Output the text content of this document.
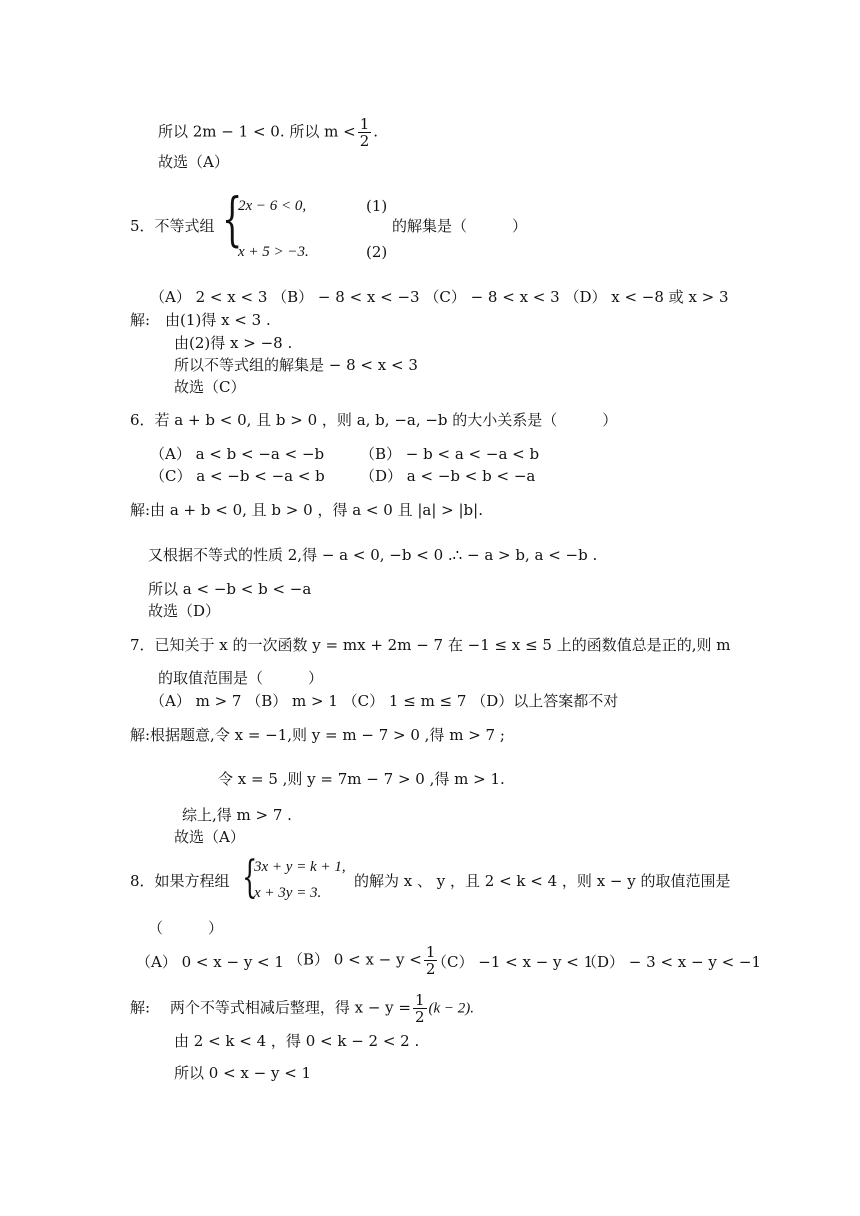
所以 2m − 1 < 0. 所以 $m < \frac{1}{2}$ .
故选（A）
5．不等式组 {
2x − 6 < 0,	(1)
x + 5 > −3.	(2)
的解集是（　　　）
（A） 2 < x < 3 （B） − 8 < x < −3 （C） − 8 < x < 3 （D） x < −8 或 x > 3
解:　由(1)得 x < 3 .
由(2)得 x > −8 .
所以不等式组的解集是 − 8 < x < 3
故选（C）
6．若 a + b < 0, 且 b > 0 ，则 a, b, −a, −b 的大小关系是（　　　）
（A） a < b < −a < −b （B） − b < a < −a < b
（C） a < −b < −a < b （D） a < −b < b < −a
解:由 a + b < 0, 且 b > 0 ，得 a < 0 且 |a| > |b|.
又根据不等式的性质 2,得 − a < 0, −b < 0 .∴ − a > b, a < −b .
所以 a < −b < b < −a
故选（D）
7．已知关于 x 的一次函数 y = mx + 2m − 7 在 −1 ≤ x ≤ 5 上的函数值总是正的,则 m
的取值范围是（　　　）
（A） m > 7 （B） m > 1 （C） 1 ≤ m ≤ 7 （D）以上答案都不对
解:根据题意,令 x = −1,则 y = m − 7 > 0 ,得 m > 7 ;
令 x = 5 ,则 y = 7m − 7 > 0 ,得 m > 1.
综上,得 m > 7 .
故选（A）
8．如果方程组 {
3x + y = k + 1,
x + 3y = 3.
的解为 x 、 y ，且 2 < k < 4 ，则 x − y 的取值范围是
（　　　）
（A） 0 < x − y < 1 （B） $0 < x - y < \frac{1}{2}$
（C） −1 < x − y < 1
（D） − 3 < x − y < −1
解:　 两个不等式相减后整理，得 $x - y = \frac{1}{2} (k - 2)$.
由 2 < k < 4 ，得 0 < k − 2 < 2 .
所以 0 < x − y < 1
